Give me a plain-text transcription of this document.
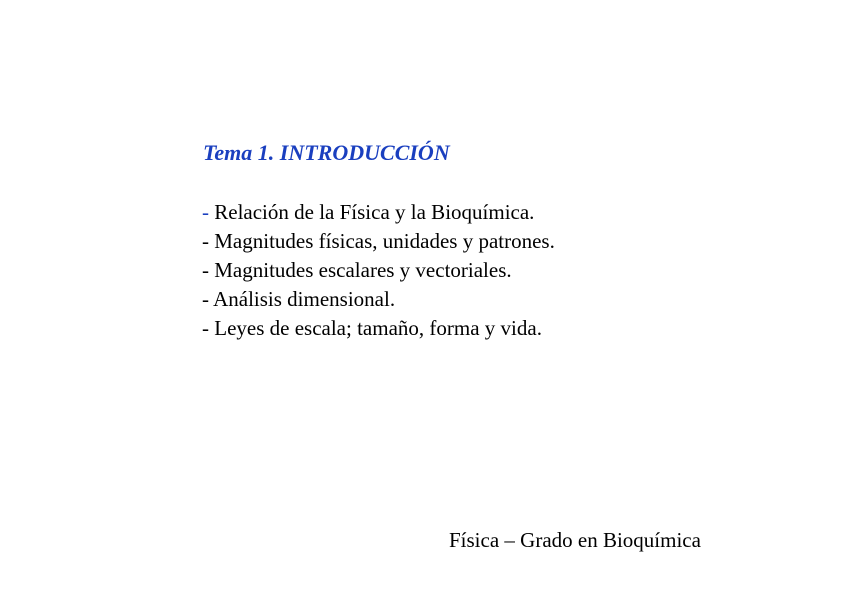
Tema 1. INTRODUCCIÓN
- Relación de la Física y la Bioquímica.
- Magnitudes físicas, unidades y patrones.
- Magnitudes escalares y vectoriales.
- Análisis dimensional.
- Leyes de escala; tamaño, forma y vida.
Física – Grado en Bioquímica
